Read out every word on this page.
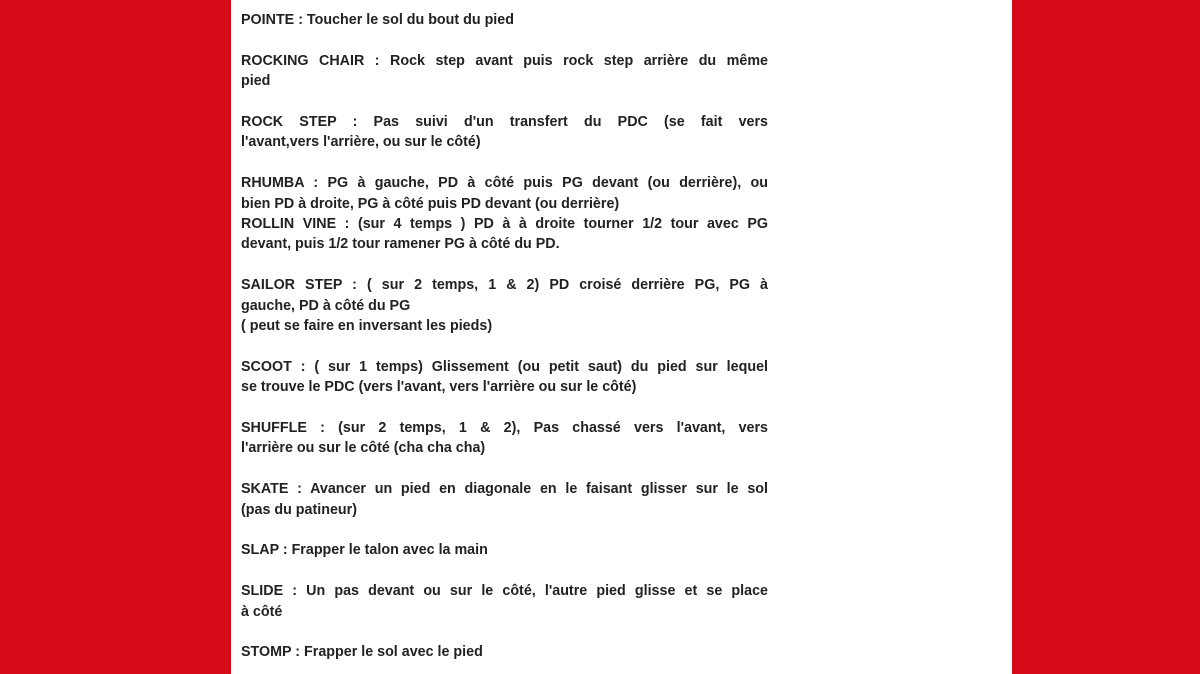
POINTE : Toucher le sol du bout du pied
ROCKING CHAIR : Rock step avant puis rock step arrière du même
pied
ROCK STEP : Pas suivi d'un transfert du PDC (se fait vers
l'avant,vers l'arrière, ou sur le côté)
RHUMBA : PG à gauche, PD à côté puis PG devant (ou derrière), ou
bien PD à droite, PG à côté puis PD devant (ou derrière)
ROLLIN VINE : (sur 4 temps ) PD à à droite tourner 1/2 tour avec PG
devant, puis 1/2 tour ramener PG à côté du PD.
SAILOR STEP : ( sur 2 temps, 1 & 2) PD croisé derrière PG, PG à
gauche, PD à côté du PG
( peut se faire en inversant les pieds)
SCOOT : ( sur 1 temps) Glissement (ou petit saut) du pied sur lequel
se trouve le PDC (vers l'avant, vers l'arrière ou sur le côté)
SHUFFLE : (sur 2 temps, 1 & 2), Pas chassé vers l'avant, vers
l'arrière ou sur le côté (cha cha cha)
SKATE : Avancer un pied en diagonale en le faisant glisser sur le sol
(pas du patineur)
SLAP : Frapper le talon avec la main
SLIDE : Un pas devant ou sur le côté, l'autre pied glisse et se place
à côté
STOMP : Frapper le sol avec le pied
